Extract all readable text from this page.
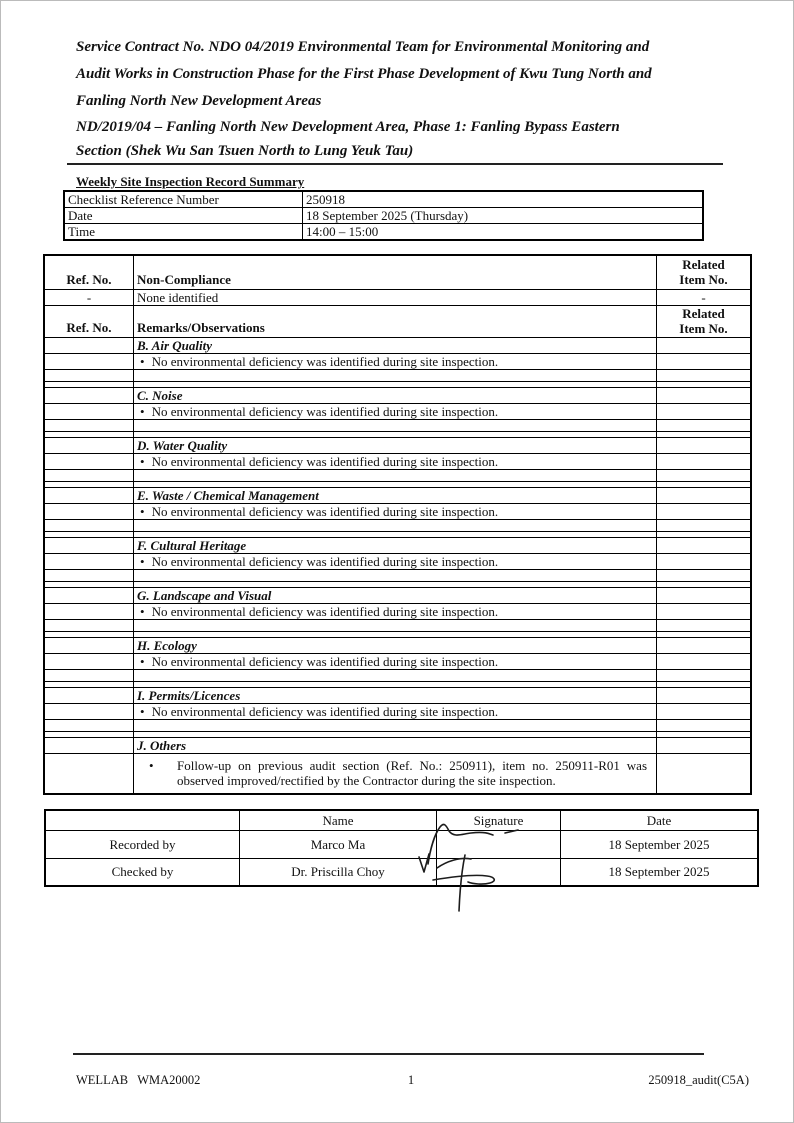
Service Contract No. NDO 04/2019 Environmental Team for Environmental Monitoring and
Audit Works in Construction Phase for the First Phase Development of Kwu Tung North and
Fanling North New Development Areas
ND/2019/04 – Fanling North New Development Area, Phase 1: Fanling Bypass Eastern
Section (Shek Wu San Tsuen North to Lung Yeuk Tau)
Weekly Site Inspection Record Summary
Checklist Reference Number	250918
Date	18 September 2025 (Thursday)
Time	14:00 – 15:00
Ref. No.	Non-Compliance	Related
Item No.

-	None identified	-
Ref. No.	Remarks/Observations	Related
Item No.

	B. Air Quality	
	• No environmental deficiency was identified during site inspection.	

	C. Noise	
	• No environmental deficiency was identified during site inspection.	

	D. Water Quality	
	• No environmental deficiency was identified during site inspection.	

	E. Waste / Chemical Management	
	• No environmental deficiency was identified during site inspection.	

	F. Cultural Heritage	
	• No environmental deficiency was identified during site inspection.	

	G. Landscape and Visual	
	• No environmental deficiency was identified during site inspection.	

	H. Ecology	
	• No environmental deficiency was identified during site inspection.	

	I. Permits/Licences	
	• No environmental deficiency was identified during site inspection.	

	J. Others	

	• Follow-up on previous audit section (Ref. No.: 250911), item no. 250911-R01 was observed improved/rectified by the Contractor during the site inspection.	

	Name	Signature	Date
Recorded by	Marco Ma		18 September 2025
Checked by	Dr. Priscilla Choy		18 September 2025
WELLAB   WMA20002	1	250918_audit(C5A)
